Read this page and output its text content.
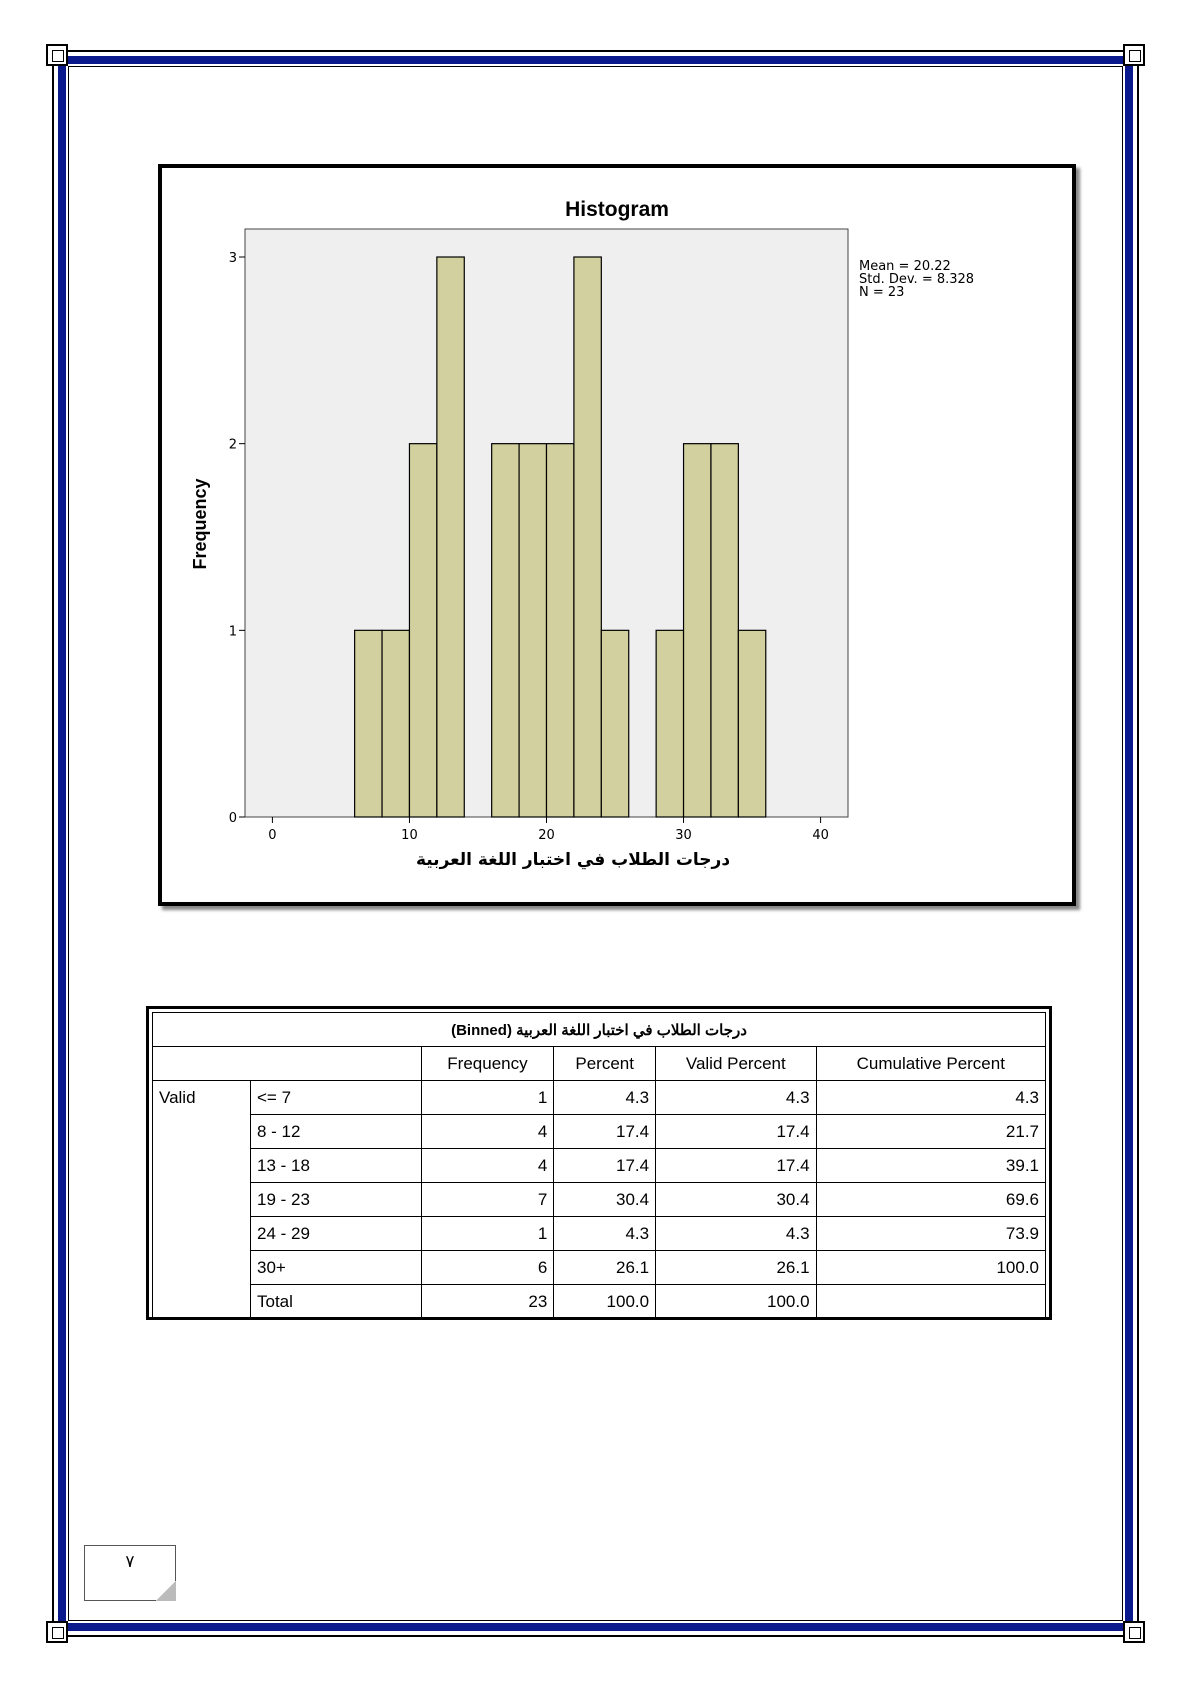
0
1
2
3
0	10	20	30	40
Histogram
Frequency
درجات الطلاب في اختبار اللغة العربية
Mean = 20.22
Std. Dev. = 8.328
N = 23
درجات الطلاب في اختبار اللغة العربية (Binned)					
		Frequency	Percent	Valid Percent	Cumulative Percent
Valid	<= 7	1	4.3	4.3	4.3
	8 - 12	4	17.4	17.4	21.7
	13 - 18	4	17.4	17.4	39.1
	19 - 23	7	30.4	30.4	69.6
	24 - 29	1	4.3	4.3	73.9
	30+	6	26.1	26.1	100.0
	Total	23	100.0	100.0	
٧
